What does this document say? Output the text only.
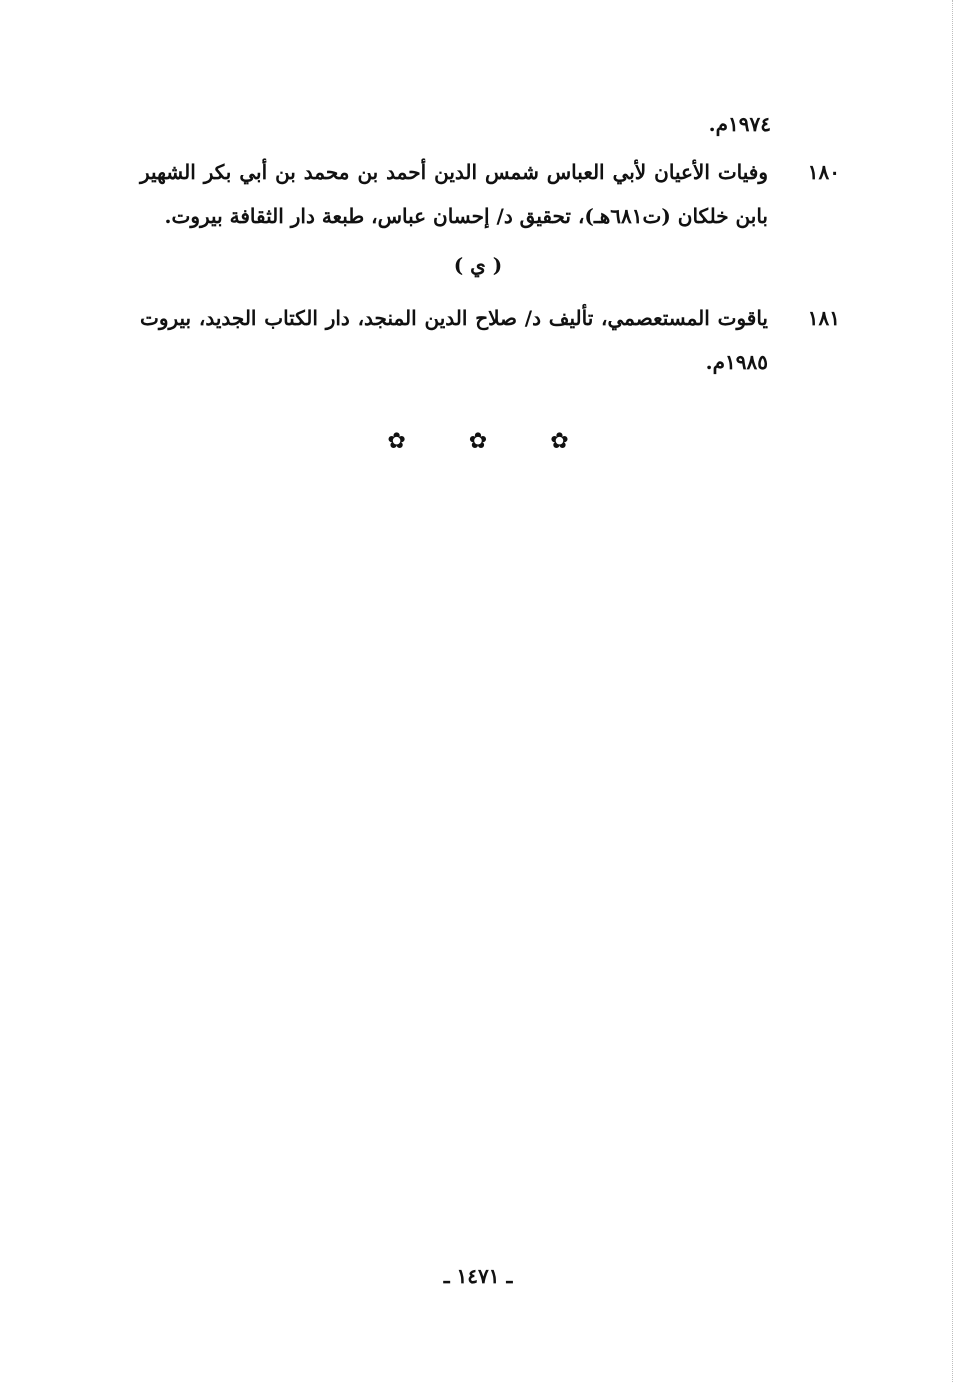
١٩٧٤م.
١٨٠
وفيات الأعيان لأبي العباس شمس الدين أحمد بن محمد بن أبي بكر الشهير بابن خلكان (ت٦٨١هـ)، تحقيق د/ إحسان عباس، طبعة دار الثقافة بيروت.
( ي )
١٨١
ياقوت المستعصمي، تأليف د/ صلاح الدين المنجد، دار الكتاب الجديد، بيروت ١٩٨٥م.
✿	✿	✿
ـ ١٤٧١ ـ
